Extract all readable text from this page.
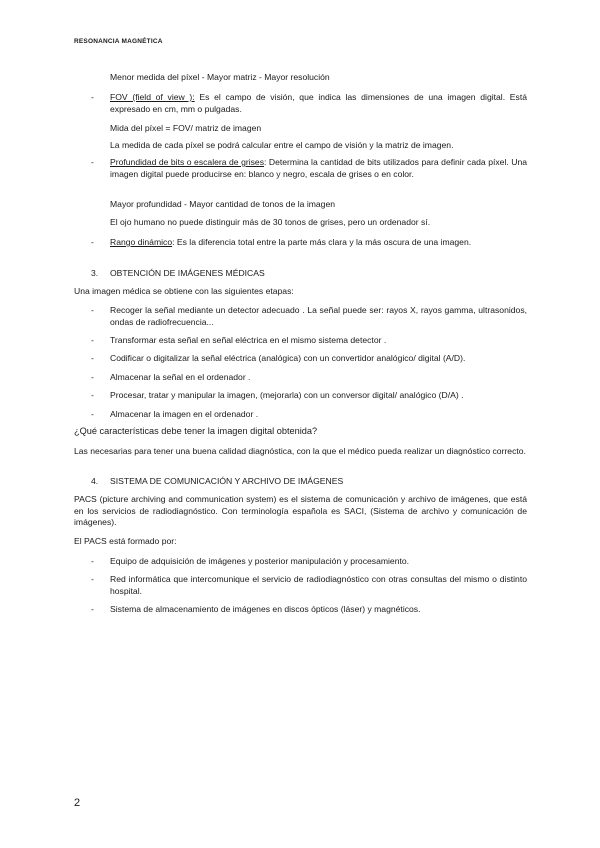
RESONANCIA MAGNÉTICA
Menor medida del píxel - Mayor matriz - Mayor resolución
- FOV (field of view ): Es el campo de visión, que indica las dimensiones de una imagen digital. Está expresado en cm, mm o pulgadas.
Mida del píxel = FOV/ matriz de imagen
La medida de cada píxel se podrá calcular entre el campo de visión y la matriz de imagen.
- Profundidad de bits o escalera de grises: Determina la cantidad de bits utilizados para definir cada píxel. Una imagen digital puede producirse en: blanco y negro, escala de grises o en color.
Mayor profundidad - Mayor cantidad de tonos de la imagen
El ojo humano no puede distinguir más de 30 tonos de grises, pero un ordenador sí.
- Rango dinámico: Es la diferencia total entre la parte más clara y la más oscura de una imagen.
3. OBTENCIÓN DE IMÁGENES MÉDICAS
Una imagen médica se obtiene con las siguientes etapas:
- Recoger la señal mediante un detector adecuado . La señal puede ser: rayos X, rayos gamma, ultrasonidos, ondas de radiofrecuencia...
- Transformar esta señal en señal eléctrica en el mismo sistema detector .
- Codificar o digitalizar la señal eléctrica (analógica) con un convertidor analógico/ digital (A/D).
- Almacenar la señal en el ordenador .
- Procesar, tratar y manipular la imagen, (mejorarla) con un conversor digital/ analógico (D/A) .
- Almacenar la imagen en el ordenador .
¿Qué características debe tener la imagen digital obtenida?
Las necesarias para tener una buena calidad diagnóstica, con la que el médico pueda realizar un diagnóstico correcto.
4. SISTEMA DE COMUNICACIÓN Y ARCHIVO DE IMÁGENES
PACS (picture archiving and communication system) es el sistema de comunicación y archivo de imágenes, que está en los servicios de radiodiagnóstico. Con terminología española es SACI, (Sistema de archivo y comunicación de imágenes).
El PACS está formado por:
- Equipo de adquisición de imágenes y posterior manipulación y procesamiento.
- Red informática que intercomunique el servicio de radiodiagnóstico con otras consultas del mismo o distinto hospital.
- Sistema de almacenamiento de imágenes en discos ópticos (láser) y magnéticos.
2
